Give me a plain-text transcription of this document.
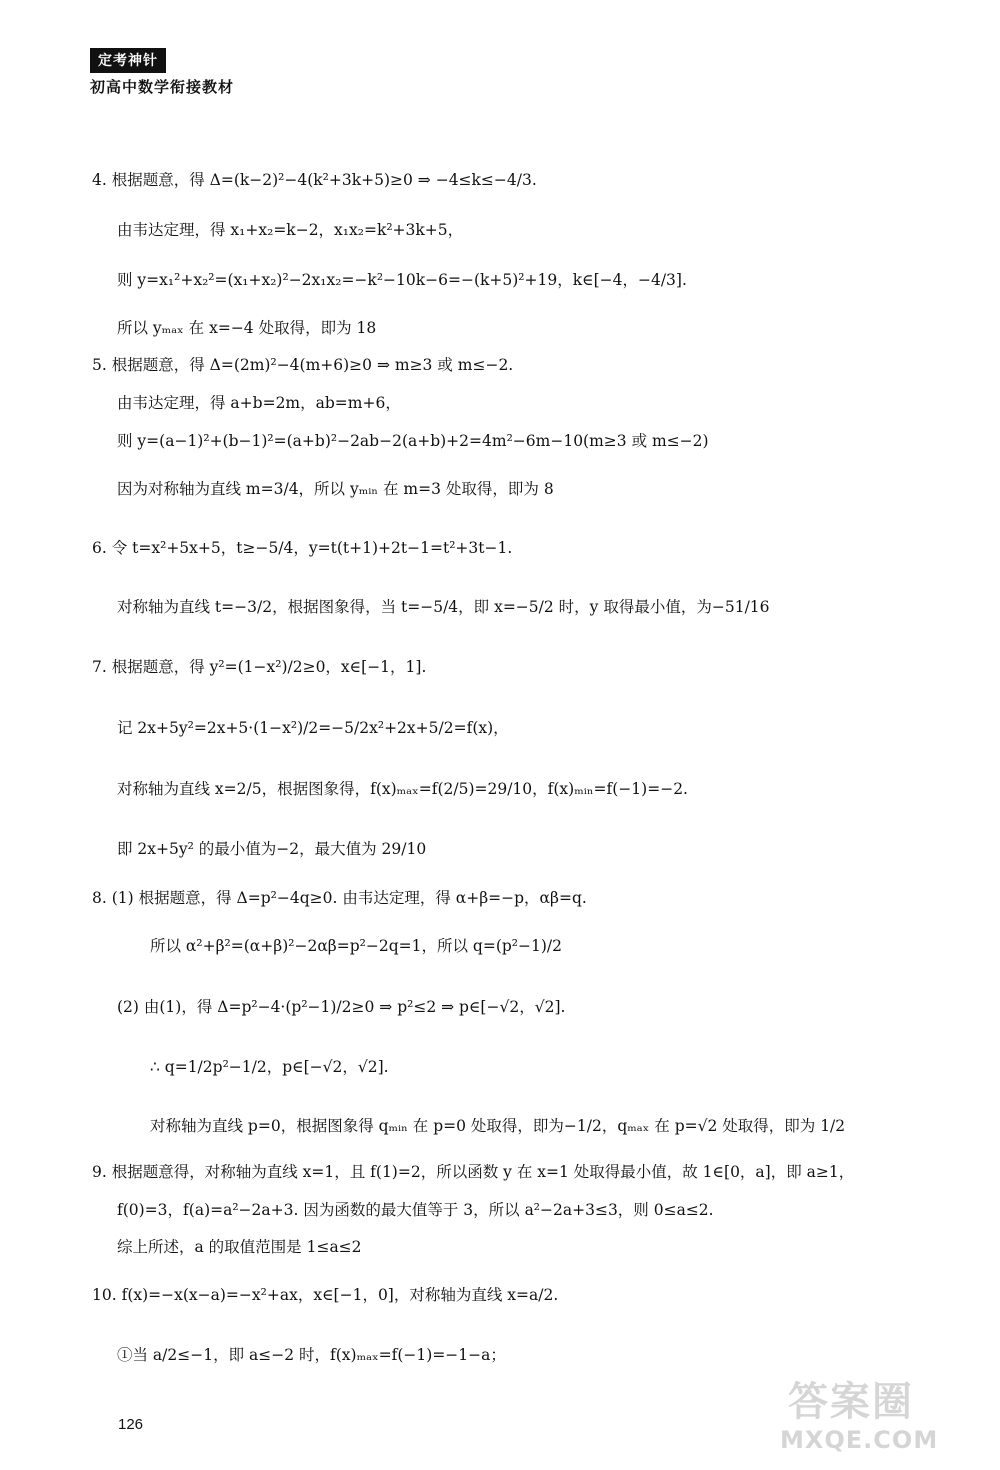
定考神针
初高中数学衔接教材
4. 根据题意，得 Δ=(k−2)²−4(k²+3k+5)≥0 ⇒ −4≤k≤−4/3.
由韦达定理，得 x₁+x₂=k−2，x₁x₂=k²+3k+5，
则 y=x₁²+x₂²=(x₁+x₂)²−2x₁x₂=−k²−10k−6=−(k+5)²+19，k∈[−4，−4/3].
所以 yₘₐₓ 在 x=−4 处取得，即为 18
5. 根据题意，得 Δ=(2m)²−4(m+6)≥0 ⇒ m≥3 或 m≤−2.
由韦达定理，得 a+b=2m，ab=m+6，
则 y=(a−1)²+(b−1)²=(a+b)²−2ab−2(a+b)+2=4m²−6m−10(m≥3 或 m≤−2)
因为对称轴为直线 m=3/4，所以 yₘᵢₙ 在 m=3 处取得，即为 8
6. 令 t=x²+5x+5，t≥−5/4，y=t(t+1)+2t−1=t²+3t−1.
对称轴为直线 t=−3/2，根据图象得，当 t=−5/4，即 x=−5/2 时，y 取得最小值，为−51/16
7. 根据题意，得 y²=(1−x²)/2≥0，x∈[−1，1].
记 2x+5y²=2x+5·(1−x²)/2=−5/2x²+2x+5/2=f(x)，
对称轴为直线 x=2/5，根据图象得，f(x)ₘₐₓ=f(2/5)=29/10，f(x)ₘᵢₙ=f(−1)=−2.
即 2x+5y² 的最小值为−2，最大值为 29/10
8. (1) 根据题意，得 Δ=p²−4q≥0. 由韦达定理，得 α+β=−p，αβ=q.
所以 α²+β²=(α+β)²−2αβ=p²−2q=1，所以 q=(p²−1)/2
(2) 由(1)，得 Δ=p²−4·(p²−1)/2≥0 ⇒ p²≤2 ⇒ p∈[−√2，√2].
∴ q=1/2p²−1/2，p∈[−√2，√2].
对称轴为直线 p=0，根据图象得 qₘᵢₙ 在 p=0 处取得，即为−1/2，qₘₐₓ 在 p=√2 处取得，即为 1/2
9. 根据题意得，对称轴为直线 x=1，且 f(1)=2，所以函数 y 在 x=1 处取得最小值，故 1∈[0，a]，即 a≥1，
f(0)=3，f(a)=a²−2a+3. 因为函数的最大值等于 3，所以 a²−2a+3≤3，则 0≤a≤2.
综上所述，a 的取值范围是 1≤a≤2
10. f(x)=−x(x−a)=−x²+ax，x∈[−1，0]，对称轴为直线 x=a/2.
①当 a/2≤−1，即 a≤−2 时，f(x)ₘₐₓ=f(−1)=−1−a；
126	答案圈
MXQE.COM
